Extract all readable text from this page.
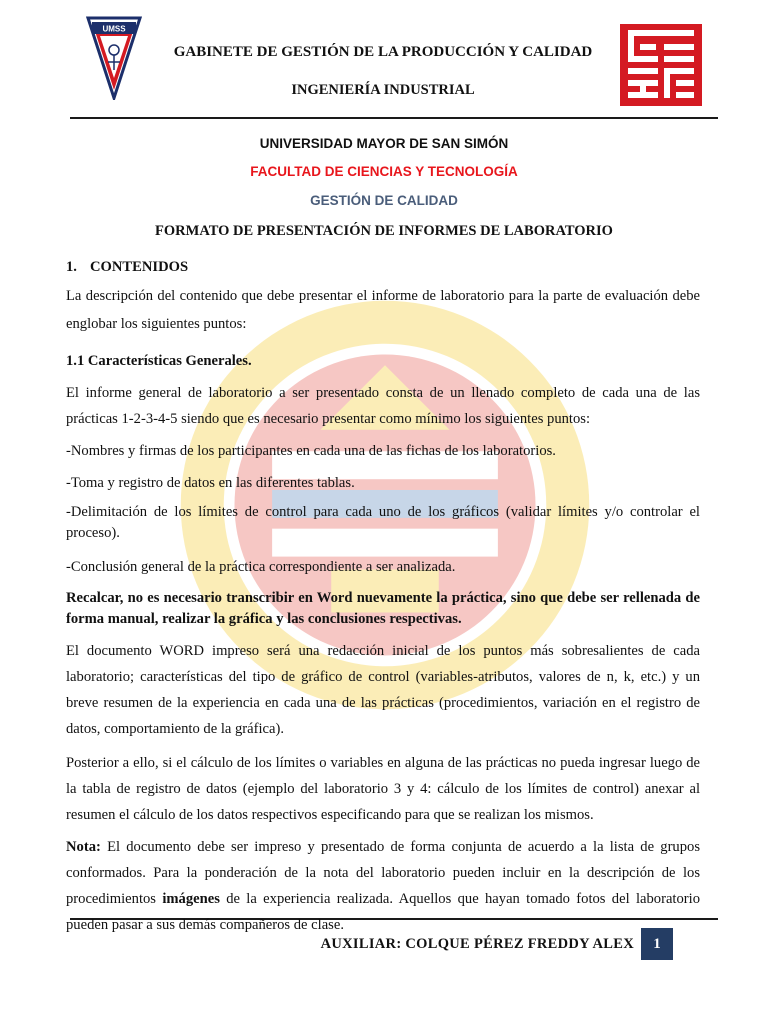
UMSS
GABINETE DE GESTIÓN DE LA PRODUCCIÓN Y CALIDAD
INGENIERÍA INDUSTRIAL
UNIVERSIDAD MAYOR DE SAN SIMÓN
FACULTAD DE CIENCIAS Y TECNOLOGÍA
GESTIÓN DE CALIDAD
FORMATO DE PRESENTACIÓN DE INFORMES DE LABORATORIO

1. CONTENIDOS

La descripción del contenido que debe presentar el informe de laboratorio para la parte de evaluación debe englobar los siguientes puntos:

1.1 Características Generales.

El informe general de laboratorio a ser presentado consta de un llenado completo de cada una de las prácticas 1-2-3-4-5 siendo que es necesario presentar como mínimo los siguientes puntos:

-Nombres y firmas de los participantes en cada una de las fichas de los laboratorios.

-Toma y registro de datos en las diferentes tablas.

-Delimitación de los límites de control para cada uno de los gráficos (validar límites y/o controlar el proceso).

-Conclusión general de la práctica correspondiente a ser analizada.

Recalcar, no es necesario transcribir en Word nuevamente la práctica, sino que debe ser rellenada de forma manual, realizar la gráfica y las conclusiones respectivas.

El documento WORD impreso será una redacción inicial de los puntos más sobresalientes de cada laboratorio; características del tipo de gráfico de control (variables-atributos, valores de n, k, etc.) y un breve resumen de la experiencia en cada una de las prácticas (procedimientos, variación en el registro de datos, comportamiento de la gráfica).

Posterior a ello, si el cálculo de los límites o variables en alguna de las prácticas no pueda ingresar luego de la tabla de registro de datos (ejemplo del laboratorio 3 y 4: cálculo de los límites de control) anexar al resumen el cálculo de los datos respectivos especificando para que se realizan los mismos.

Nota: El documento debe ser impreso y presentado de forma conjunta de acuerdo a la lista de grupos conformados. Para la ponderación de la nota del laboratorio pueden incluir en la descripción de los procedimientos imágenes de la experiencia realizada. Aquellos que hayan tomado fotos del laboratorio pueden pasar a sus demás compañeros de clase.

AUXILIAR: COLQUE PÉREZ FREDDY ALEX	1
